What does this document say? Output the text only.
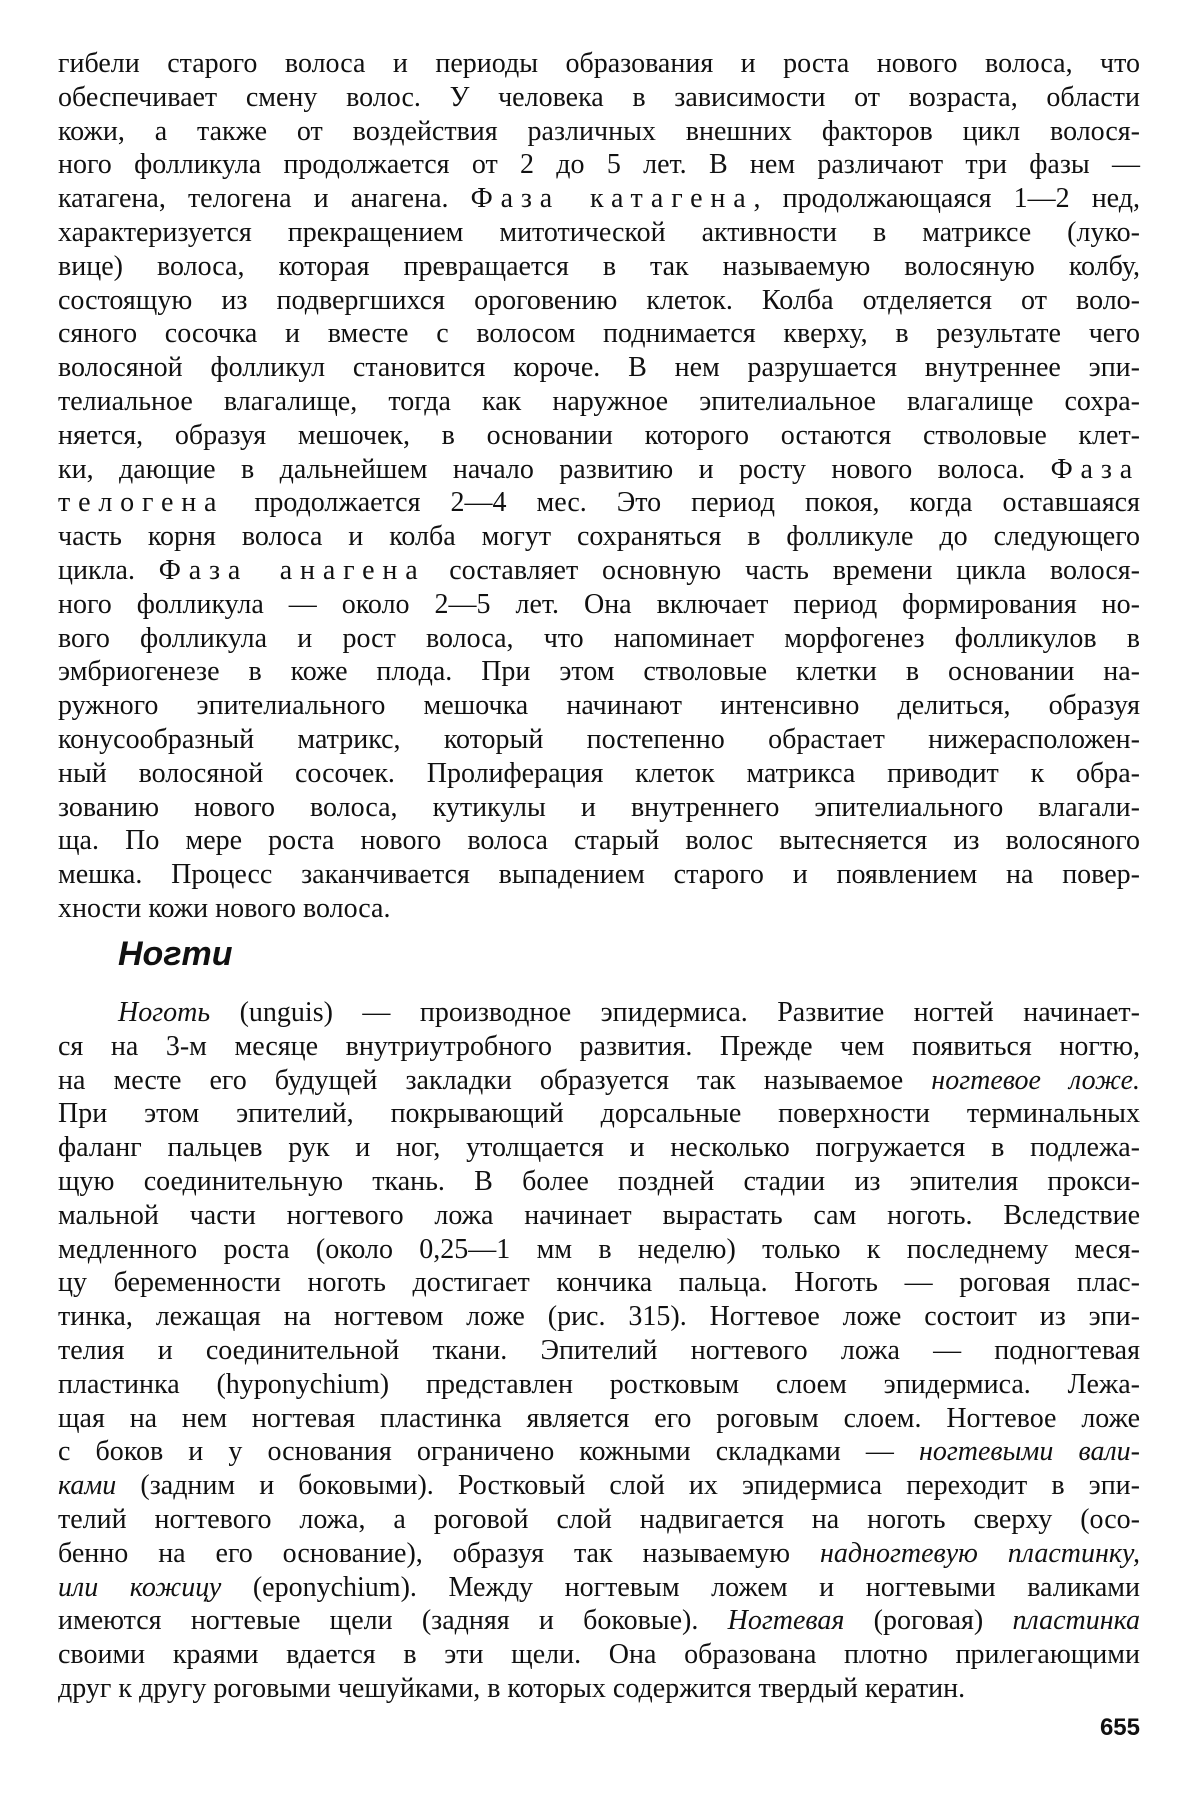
гибели старого волоса и периоды образования и роста нового волоса, что
обеспечивает смену волос. У человека в зависимости от возраста, области
кожи, а также от воздействия различных внешних факторов цикл волося-
ного фолликула продолжается от 2 до 5 лет. В нем различают три фазы —
катагена, телогена и анагена. Фаза катагена, продолжающаяся 1—2 нед,
характеризуется прекращением митотической активности в матриксе (луко-
вице) волоса, которая превращается в так называемую волосяную колбу,
состоящую из подвергшихся ороговению клеток. Колба отделяется от воло-
сяного сосочка и вместе с волосом поднимается кверху, в результате чего
волосяной фолликул становится короче. В нем разрушается внутреннее эпи-
телиальное влагалище, тогда как наружное эпителиальное влагалище сохра-
няется, образуя мешочек, в основании которого остаются стволовые клет-
ки, дающие в дальнейшем начало развитию и росту нового волоса. Фаза
телогена продолжается 2—4 мес. Это период покоя, когда оставшаяся
часть корня волоса и колба могут сохраняться в фолликуле до следующего
цикла. Фаза анагена составляет основную часть времени цикла волося-
ного фолликула — около 2—5 лет. Она включает период формирования но-
вого фолликула и рост волоса, что напоминает морфогенез фолликулов в
эмбриогенезе в коже плода. При этом стволовые клетки в основании на-
ружного эпителиального мешочка начинают интенсивно делиться, образуя
конусообразный матрикс, который постепенно обрастает нижерасположен-
ный волосяной сосочек. Пролиферация клеток матрикса приводит к обра-
зованию нового волоса, кутикулы и внутреннего эпителиального влагали-
ща. По мере роста нового волоса старый волос вытесняется из волосяного
мешка. Процесс заканчивается выпадением старого и появлением на повер-
хности кожи нового волоса.
Ногти
Ноготь (unguis) — производное эпидермиса. Развитие ногтей начинает-
ся на 3-м месяце внутриутробного развития. Прежде чем появиться ногтю,
на месте его будущей закладки образуется так называемое ногтевое ложе.
При этом эпителий, покрывающий дорсальные поверхности терминальных
фаланг пальцев рук и ног, утолщается и несколько погружается в подлежа-
щую соединительную ткань. В более поздней стадии из эпителия прокси-
мальной части ногтевого ложа начинает вырастать сам ноготь. Вследствие
медленного роста (около 0,25—1 мм в неделю) только к последнему меся-
цу беременности ноготь достигает кончика пальца. Ноготь — роговая плас-
тинка, лежащая на ногтевом ложе (рис. 315). Ногтевое ложе состоит из эпи-
телия и соединительной ткани. Эпителий ногтевого ложа — подногтевая
пластинка (hyponychium) представлен ростковым слоем эпидермиса. Лежа-
щая на нем ногтевая пластинка является его роговым слоем. Ногтевое ложе
с боков и у основания ограничено кожными складками — ногтевыми вали-
ками (задним и боковыми). Ростковый слой их эпидермиса переходит в эпи-
телий ногтевого ложа, а роговой слой надвигается на ноготь сверху (осо-
бенно на его основание), образуя так называемую надногтевую пластинку,
или кожицу (eponychium). Между ногтевым ложем и ногтевыми валиками
имеются ногтевые щели (задняя и боковые). Ногтевая (роговая) пластинка
своими краями вдается в эти щели. Она образована плотно прилегающими
друг к другу роговыми чешуйками, в которых содержится твердый кератин.
655
